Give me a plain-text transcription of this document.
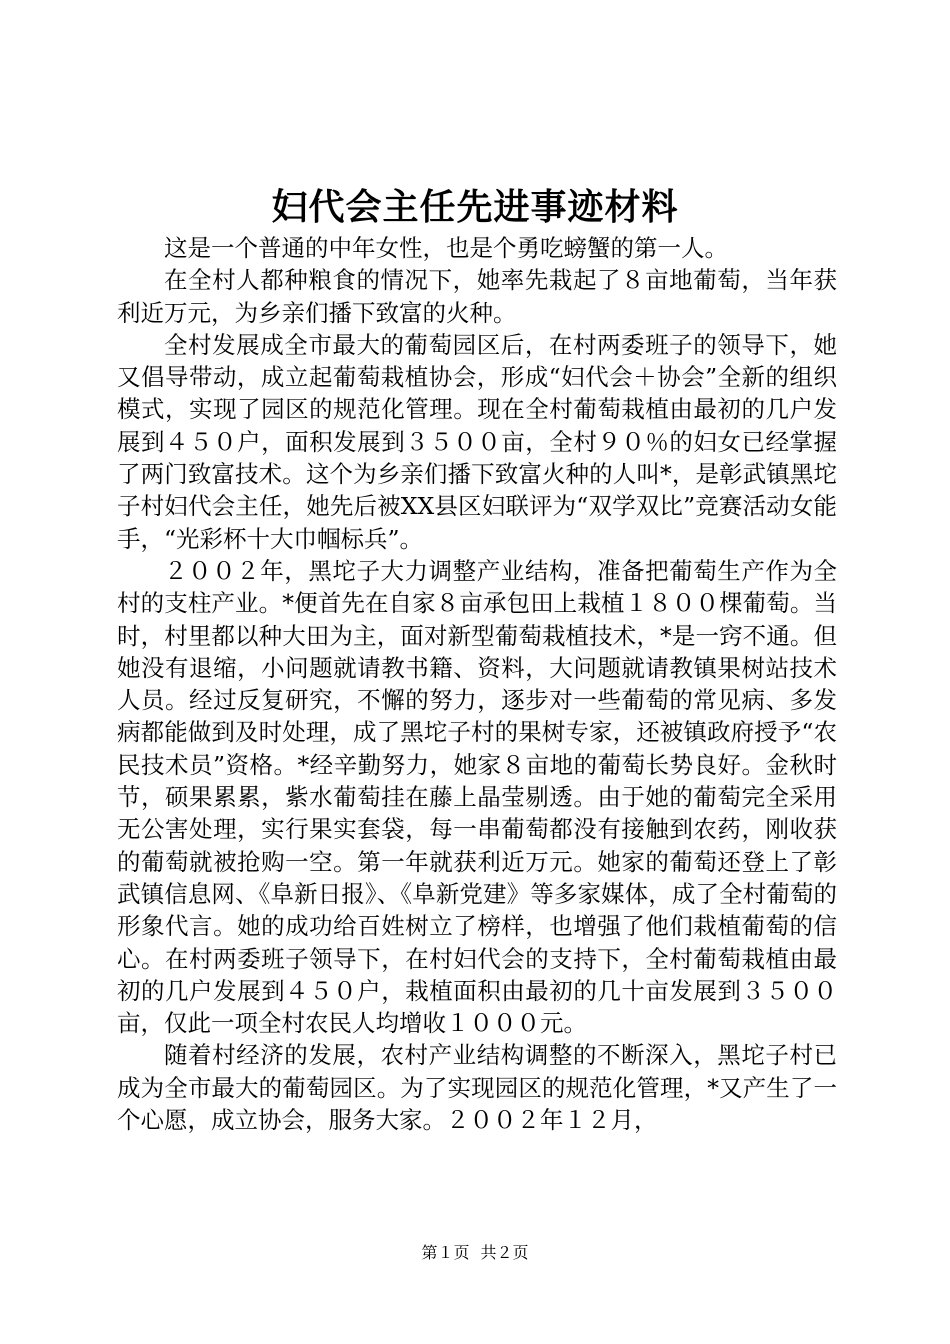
妇代会主任先进事迹材料

这是一个普通的中年女性，也是个勇吃螃蟹的第一人。

在全村人都种粮食的情况下，她率先栽起了８亩地葡萄，当年获利近万元，为乡亲们播下致富的火种。

全村发展成全市最大的葡萄园区后，在村两委班子的领导下，她又倡导带动，成立起葡萄栽植协会，形成“妇代会＋协会”全新的组织模式，实现了园区的规范化管理。现在全村葡萄栽植由最初的几户发展到４５０户，面积发展到３５００亩，全村９０％的妇女已经掌握了两门致富技术。这个为乡亲们播下致富火种的人叫*，是彰武镇黑坨子村妇代会主任，她先后被XX县区妇联评为“双学双比”竞赛活动女能手，“光彩杯十大巾帼标兵”。

２００２年，黑坨子大力调整产业结构，准备把葡萄生产作为全村的支柱产业。*便首先在自家８亩承包田上栽植１８００棵葡萄。当时，村里都以种大田为主，面对新型葡萄栽植技术，*是一窍不通。但她没有退缩，小问题就请教书籍、资料，大问题就请教镇果树站技术人员。经过反复研究，不懈的努力，逐步对一些葡萄的常见病、多发病都能做到及时处理，成了黑坨子村的果树专家，还被镇政府授予“农民技术员”资格。*经辛勤努力，她家８亩地的葡萄长势良好。金秋时节，硕果累累，紫水葡萄挂在藤上晶莹剔透。由于她的葡萄完全采用无公害处理，实行果实套袋，每一串葡萄都没有接触到农药，刚收获的葡萄就被抢购一空。第一年就获利近万元。她家的葡萄还登上了彰武镇信息网、《阜新日报》、《阜新党建》等多家媒体，成了全村葡萄的形象代言。她的成功给百姓树立了榜样，也增强了他们栽植葡萄的信心。在村两委班子领导下，在村妇代会的支持下，全村葡萄栽植由最初的几户发展到４５０户，栽植面积由最初的几十亩发展到３５００亩，仅此一项全村农民人均增收１０００元。

随着村经济的发展，农村产业结构调整的不断深入，黑坨子村已成为全市最大的葡萄园区。为了实现园区的规范化管理，*又产生了一个心愿，成立协会，服务大家。２００２年１２月，

第１页 共２页
